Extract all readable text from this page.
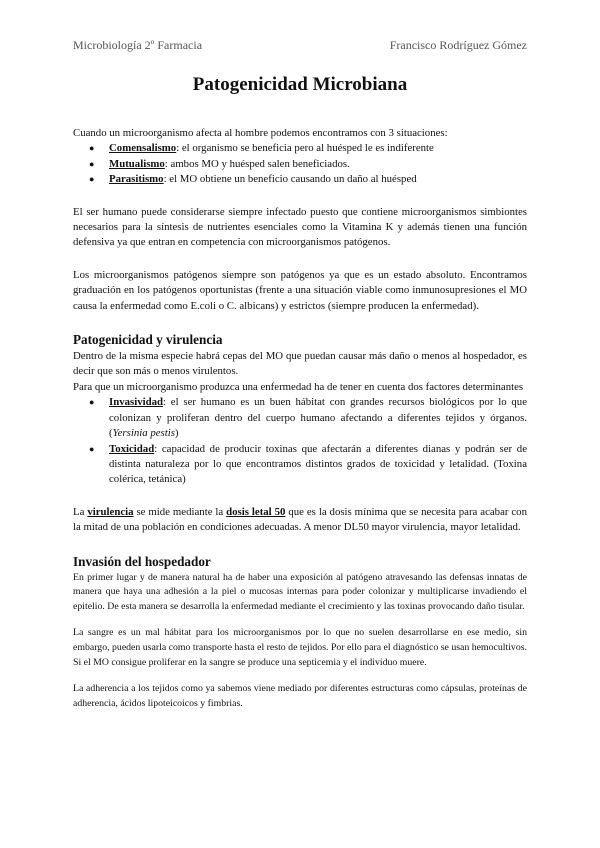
Microbiología 2º Farmacia	Francisco Rodríguez Gómez
Patogenicidad Microbiana

Cuando un microorganismo afecta al hombre podemos encontramos con 3 situaciones:

● Comensalismo: el organismo se beneficia pero al huésped le es indiferente
● Mutualismo: ambos MO y huésped salen beneficiados.
● Parasitismo: el MO obtiene un beneficio causando un daño al huésped

El ser humano puede considerarse siempre infectado puesto que contiene microorganismos simbiontes necesarios para la síntesis de nutrientes esenciales como la Vitamina K y además tienen una función defensiva ya que entran en competencia con microorganismos patógenos.

Los microorganismos patógenos siempre son patógenos ya que es un estado absoluto. Encontramos graduación en los patógenos oportunistas (frente a una situación viable como inmunosupresiones el MO causa la enfermedad como E.coli o C. albicans) y estrictos (siempre producen la enfermedad).

Patogenicidad y virulencia

Dentro de la misma especie habrá cepas del MO que puedan causar más daño o menos al hospedador, es decir que son más o menos virulentos.

Para que un microorganismo produzca una enfermedad ha de tener en cuenta dos factores determinantes

● Invasividad: el ser humano es un buen hábitat con grandes recursos biológicos por lo que colonizan y proliferan dentro del cuerpo humano afectando a diferentes tejidos y órganos. (Yersinia pestis)
● Toxicidad: capacidad de producir toxinas que afectarán a diferentes dianas y podrán ser de distinta naturaleza por lo que encontramos distintos grados de toxicidad y letalidad. (Toxina colérica, tetánica)

La virulencia se mide mediante la dosis letal 50 que es la dosis mínima que se necesita para acabar con la mitad de una población en condiciones adecuadas. A menor DL50 mayor virulencia, mayor letalidad.

Invasión del hospedador

En primer lugar y de manera natural ha de haber una exposición al patógeno atravesando las defensas innatas de manera que haya una adhesión a la piel o mucosas internas para poder colonizar y multiplicarse invadiendo el epitelio. De esta manera se desarrolla la enfermedad mediante el crecimiento y las toxinas provocando daño tisular.

La sangre es un mal hábitat para los microorganismos por lo que no suelen desarrollarse en ese medio, sin embargo, pueden usarla como transporte hasta el resto de tejidos. Por ello para el diagnóstico se usan hemocultivos. Si el MO consigue proliferar en la sangre se produce una septicemia y el individuo muere.

La adherencia a los tejidos como ya sabemos viene mediado por diferentes estructuras como cápsulas, proteínas de adherencia, ácidos lipoteicoicos y fimbrias.
